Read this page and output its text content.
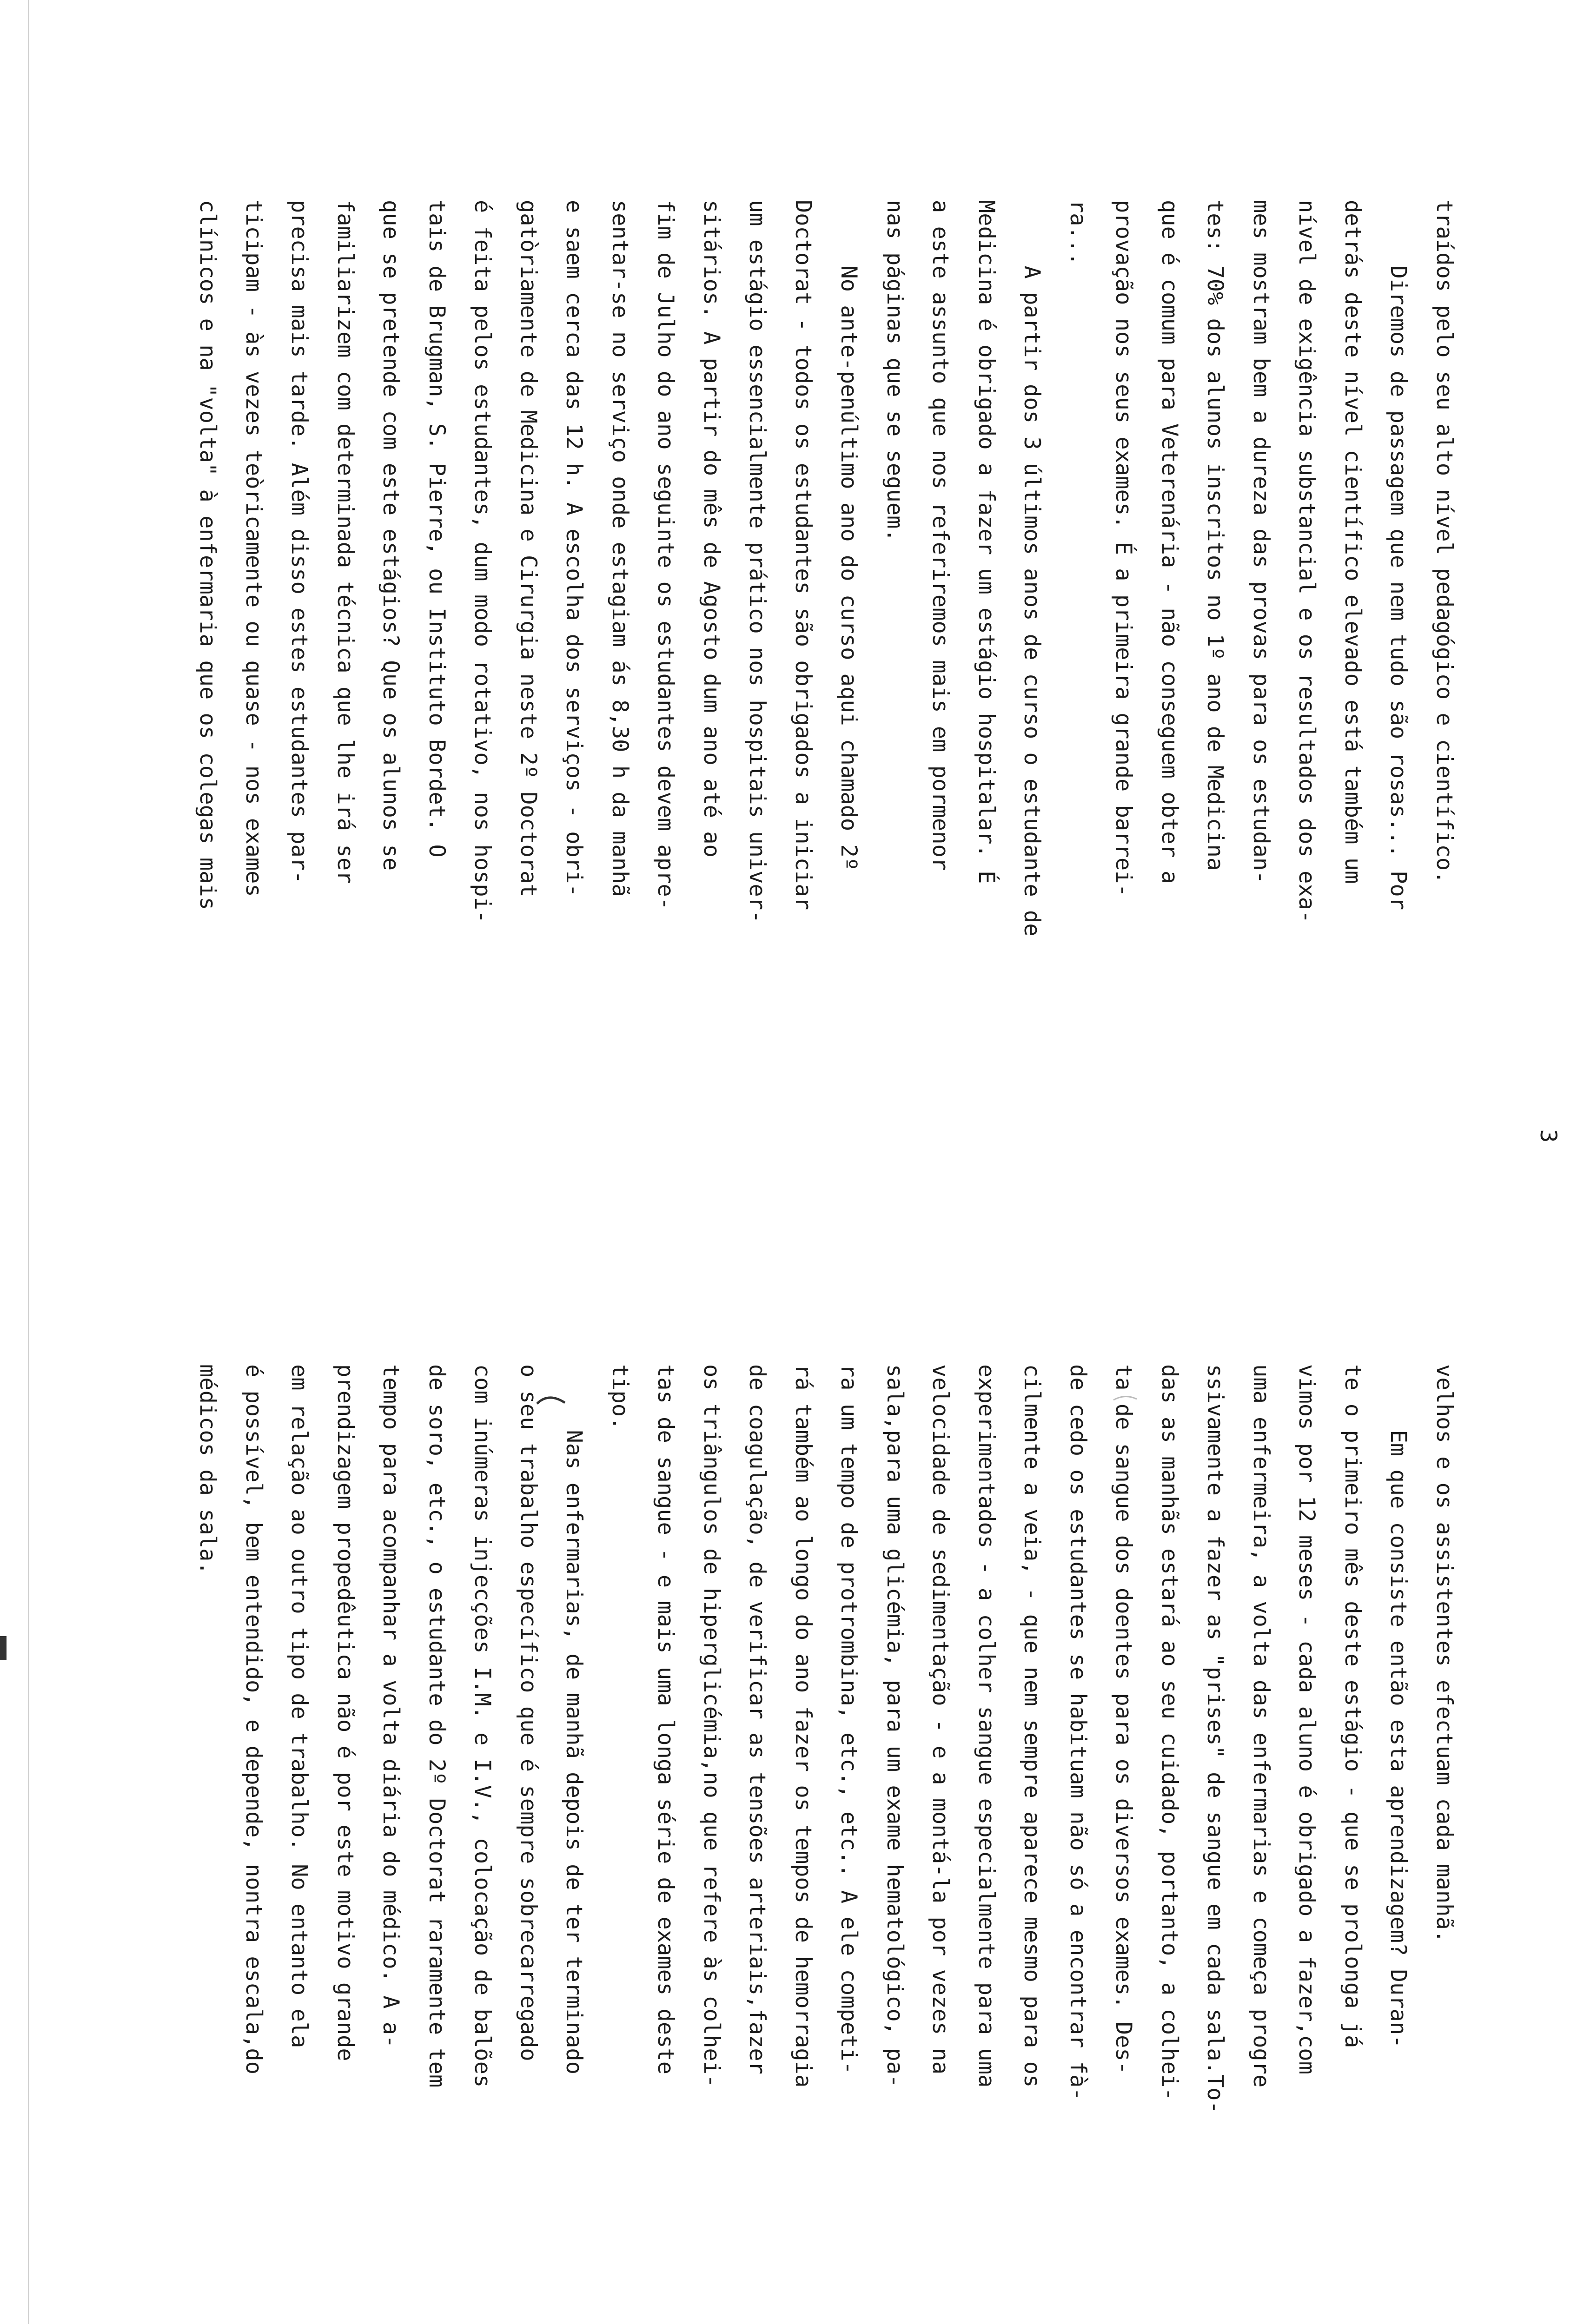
3
traídos pelo seu alto nível pedagógico e científico.
Diremos de passagem que nem tudo são rosas... Por
detrás deste nível científico elevado está também um
nível de exigência substancial e os resultados dos exa-
mes mostram bem a dureza das provas para os estudan-
tes: 70% dos alunos inscritos no 1º ano de Medicina
que é comum para Veterenária - não conseguem obter a
provação nos seus exames. É a primeira grande barrei-
ra...
A partir dos 3 últimos anos de curso o estudante de
Medicina é obrigado a fazer um estágio hospitalar. É
a este assunto que nos referiremos mais em pormenor
nas páginas que se seguem.
No ante-penúltimo ano do curso aqui chamado 2º
Doctorat - todos os estudantes são obrigados a iniciar
um estágio essencialmente prático nos hospitais univer-
sitários. A partir do mês de Agosto dum ano até ao
fim de Julho do ano seguinte os estudantes devem apre-
sentar-se no serviço onde estagiam ás 8,30 h da manhã
e saem cerca das 12 h. A escolha dos serviços - obri-
gatòriamente de Medicina e Cirurgia neste 2º Doctorat
é feita pelos estudantes, dum modo rotativo, nos hospi-
tais de Brugman, S. Pierre, ou Instituto Bordet. O
que se pretende com este estágios? Que os alunos se
familiarizem com determinada técnica que lhe irá ser
precisa mais tarde. Além disso estes estudantes par-
ticipam - às vezes teòricamente ou quase - nos exames
clínicos e na "volta" à enfermaria que os colegas mais
velhos e os assistentes efectuam cada manhã.
Em que consiste então esta aprendizagem? Duran-
te o primeiro mês deste estágio - que se prolonga já
vimos por 12 meses - cada aluno é obrigado a fazer,com
uma enfermeira, a volta das enfermarias e começa progre
ssivamente a fazer as "prises" de sangue em cada sala.To-
das as manhãs estará ao seu cuidado, portanto, a colhei-
ta de sangue dos doentes para os diversos exames. Des-
de cedo os estudantes se habituam não só a encontrar fà-
cilmente a veia, - que nem sempre aparece mesmo para os
experimentados - a colher sangue especialmente para uma
velocidade de sedimentação - e a montá-la por vezes na
sala,para uma glicémia, para um exame hematológico, pa-
ra um tempo de protrombina, etc., etc.. A ele competi-
rá também ao longo do ano fazer os tempos de hemorragia
de coagulação, de verificar as tensões arteriais,fazer
os triângulos de hiperglicémia,no que refere às colhei-
tas de sangue - e mais uma longa série de exames deste
tipo.
Nas enfermarias, de manhã depois de ter terminado
o seu trabalho específico que é sempre sobrecarregado
com inúmeras injecções I.M. e I.V., colocação de balões
de soro, etc., o estudante do 2º Doctorat raramente tem
tempo para acompanhar a volta diária do médico. A a-
prendizagem propedêutica não é por este motivo grande
em relação ao outro tipo de trabalho. No entanto ela
é possível, bem entendido, e depende, nontra escala,do
médicos da sala.
